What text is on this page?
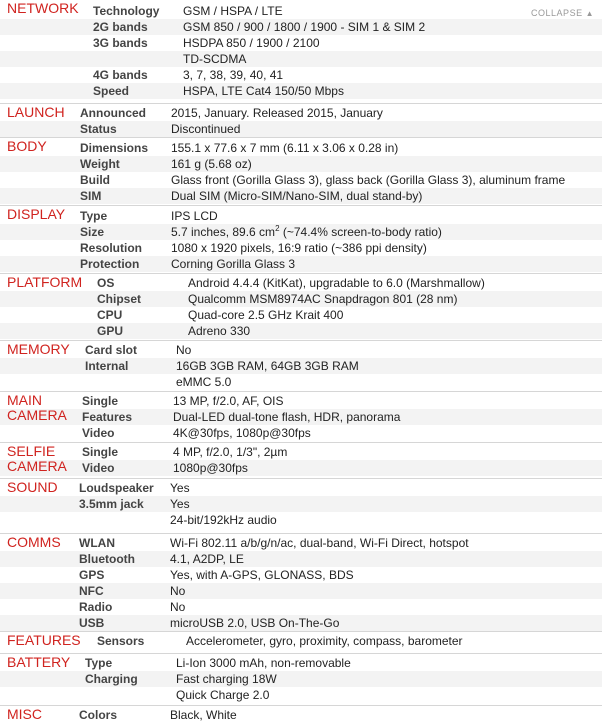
COLLAPSE ▲
Technology GSM / HSPA / LTE
2G bands	GSM 850 / 900 / 1800 / 1900 - SIM 1 & SIM 2
3G bands	HSDPA 850 / 1900 / 2100
TD-SCDMA
4G bands	3, 7, 38, 39, 40, 41
Speed	HSPA, LTE Cat4 150/50 Mbps
NETWORK
Announced 2015, January. Released 2015, January
Status	Discontinued
LAUNCH
Dimensions 155.1 x 77.6 x 7 mm (6.11 x 3.06 x 0.28 in)
Weight	161 g (5.68 oz)
Build	Glass front (Gorilla Glass 3), glass back (Gorilla Glass 3), aluminum frame
SIM	Dual SIM (Micro-SIM/Nano-SIM, dual stand-by)
BODY
Type	IPS LCD
Size	5.7 inches, 89.6 $cm^2$ (~74.4% screen-to-body ratio)
Resolution 1080 x 1920 pixels, 16:9 ratio (~386 ppi density)
Protection	Corning Gorilla Glass 3
DISPLAY
OS	Android 4.4.4 (KitKat), upgradable to 6.0 (Marshmallow)
Chipset	Qualcomm MSM8974AC Snapdragon 801 (28 nm)
CPU	Quad-core 2.5 GHz Krait 400
GPU	Adreno 330
PLATFORM
Card slot	No
Internal	16GB 3GB RAM, 64GB 3GB RAM
eMMC 5.0
MEMORY
Single	13 MP, f/2.0, AF, OIS
Features	Dual-LED dual-tone flash, HDR, panorama
Video	4K@30fps, 1080p@30fps
MAIN
CAMERA
Single	4 MP, f/2.0, 1/3", 2µm
Video	1080p@30fps
SELFIE
CAMERA
Loudspeaker Yes
3.5mm jack Yes
24-bit/192kHz audio
SOUND
WLAN	Wi-Fi 802.11 a/b/g/n/ac, dual-band, Wi-Fi Direct, hotspot
Bluetooth	4.1, A2DP, LE
GPS	Yes, with A-GPS, GLONASS, BDS
NFC	No
Radio	No
USB	microUSB 2.0, USB On-The-Go
COMMS
Sensors	Accelerometer, gyro, proximity, compass, barometer
FEATURES
Type	Li-Ion 3000 mAh, non-removable
Charging	Fast charging 18W
Quick Charge 2.0
BATTERY
Colors	Black, White
MISC
